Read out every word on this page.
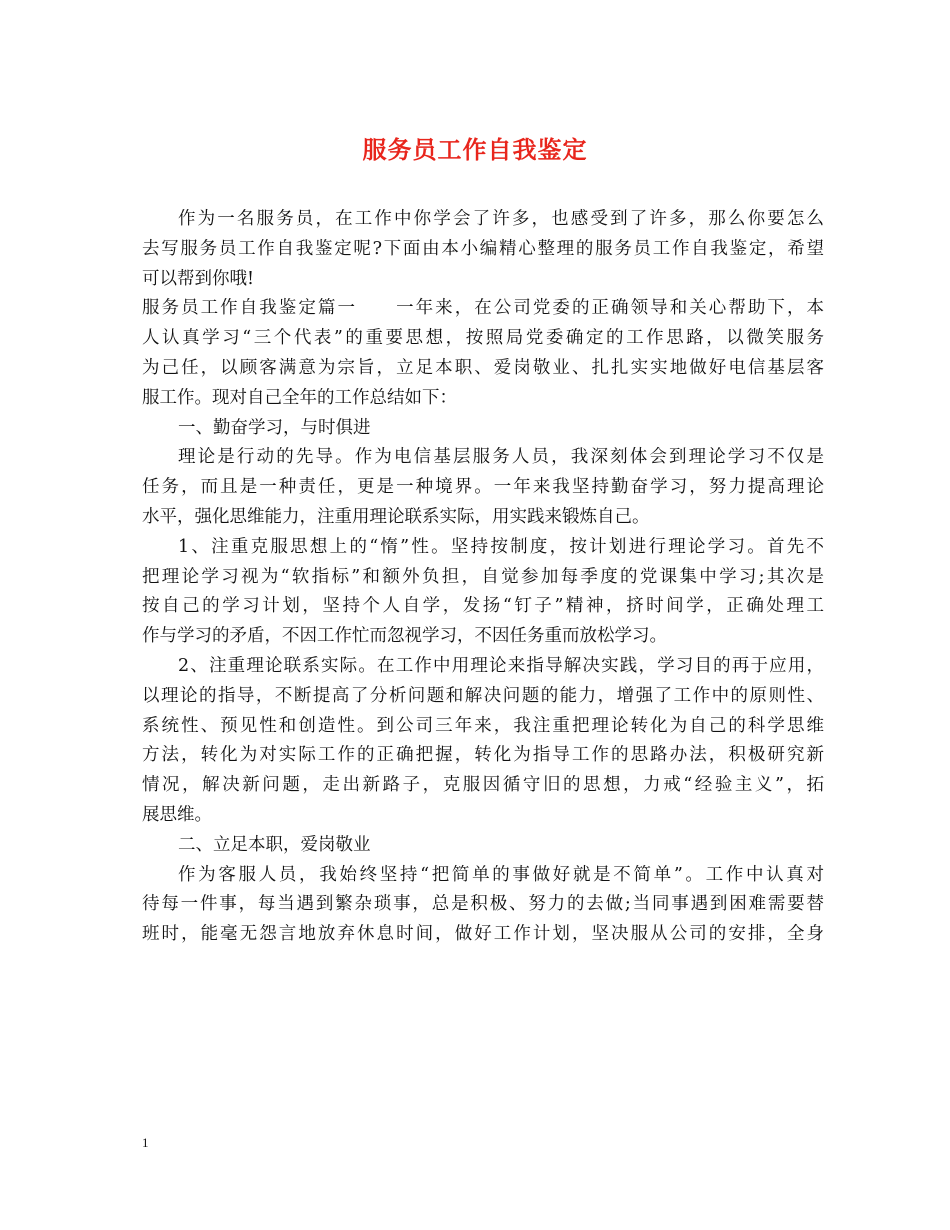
服务员工作自我鉴定
作为一名服务员，在工作中你学会了许多，也感受到了许多，那么你要怎么
去写服务员工作自我鉴定呢?下面由本小编精心整理的服务员工作自我鉴定，希望
可以帮到你哦!
服务员工作自我鉴定篇一　　一年来，在公司党委的正确领导和关心帮助下，本
人认真学习“三个代表”的重要思想，按照局党委确定的工作思路，以微笑服务
为己任，以顾客满意为宗旨，立足本职、爱岗敬业、扎扎实实地做好电信基层客
服工作。现对自己全年的工作总结如下：
一、勤奋学习，与时俱进
理论是行动的先导。作为电信基层服务人员，我深刻体会到理论学习不仅是
任务，而且是一种责任，更是一种境界。一年来我坚持勤奋学习，努力提高理论
水平，强化思维能力，注重用理论联系实际，用实践来锻炼自己。
1、注重克服思想上的“惰”性。坚持按制度，按计划进行理论学习。首先不
把理论学习视为“软指标”和额外负担，自觉参加每季度的党课集中学习;其次是
按自己的学习计划，坚持个人自学，发扬“钉子”精神，挤时间学，正确处理工
作与学习的矛盾，不因工作忙而忽视学习，不因任务重而放松学习。
2、注重理论联系实际。在工作中用理论来指导解决实践，学习目的再于应用，
以理论的指导，不断提高了分析问题和解决问题的能力，增强了工作中的原则性、
系统性、预见性和创造性。到公司三年来，我注重把理论转化为自己的科学思维
方法，转化为对实际工作的正确把握，转化为指导工作的思路办法，积极研究新
情况，解决新问题，走出新路子，克服因循守旧的思想，力戒“经验主义”，拓
展思维。
二、立足本职，爱岗敬业
作为客服人员，我始终坚持“把简单的事做好就是不简单”。工作中认真对
待每一件事，每当遇到繁杂琐事，总是积极、努力的去做;当同事遇到困难需要替
班时，能毫无怨言地放弃休息时间，做好工作计划，坚决服从公司的安排，全身
1
